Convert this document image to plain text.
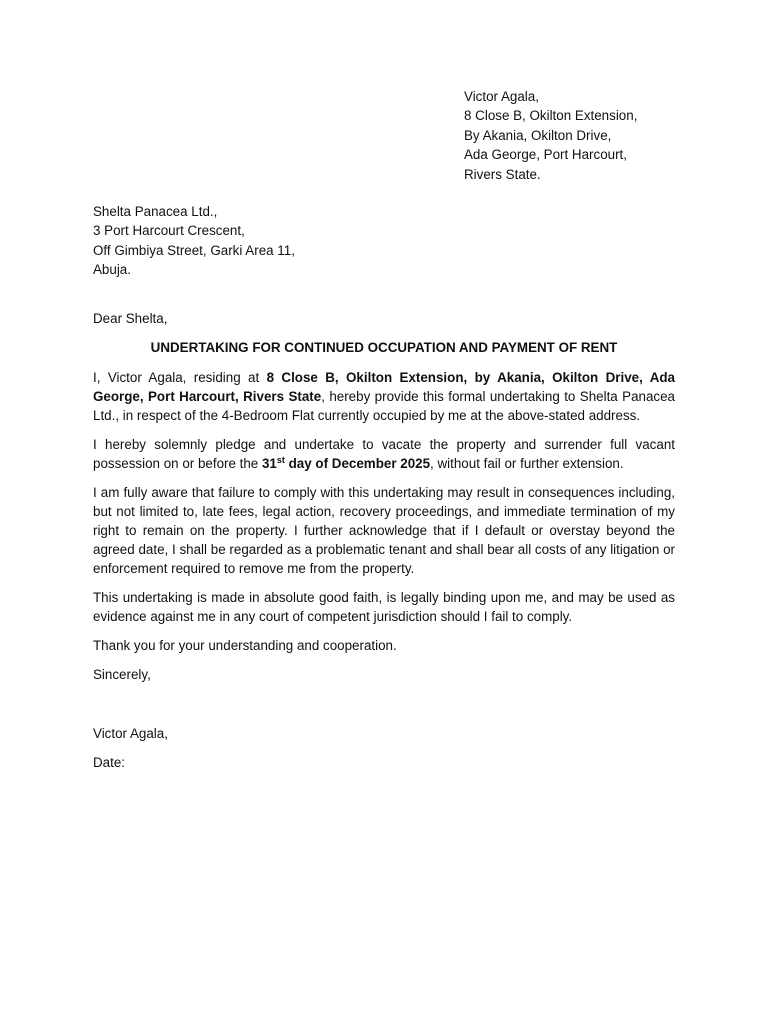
Victor Agala,
8 Close B, Okilton Extension,
By Akania, Okilton Drive,
Ada George, Port Harcourt,
Rivers State.
Shelta Panacea Ltd.,
3 Port Harcourt Crescent,
Off Gimbiya Street, Garki Area 11,
Abuja.
Dear Shelta,
UNDERTAKING FOR CONTINUED OCCUPATION AND PAYMENT OF RENT

I, Victor Agala, residing at 8 Close B, Okilton Extension, by Akania, Okilton Drive, Ada George, Port Harcourt, Rivers State, hereby provide this formal undertaking to Shelta Panacea Ltd., in respect of the 4-Bedroom Flat currently occupied by me at the above-stated address.

I hereby solemnly pledge and undertake to vacate the property and surrender full vacant possession on or before the 31st day of December 2025, without fail or further extension.

I am fully aware that failure to comply with this undertaking may result in consequences including, but not limited to, late fees, legal action, recovery proceedings, and immediate termination of my right to remain on the property. I further acknowledge that if I default or overstay beyond the agreed date, I shall be regarded as a problematic tenant and shall bear all costs of any litigation or enforcement required to remove me from the property.

This undertaking is made in absolute good faith, is legally binding upon me, and may be used as evidence against me in any court of competent jurisdiction should I fail to comply.

Thank you for your understanding and cooperation.

Sincerely,

Victor Agala,
Date:
